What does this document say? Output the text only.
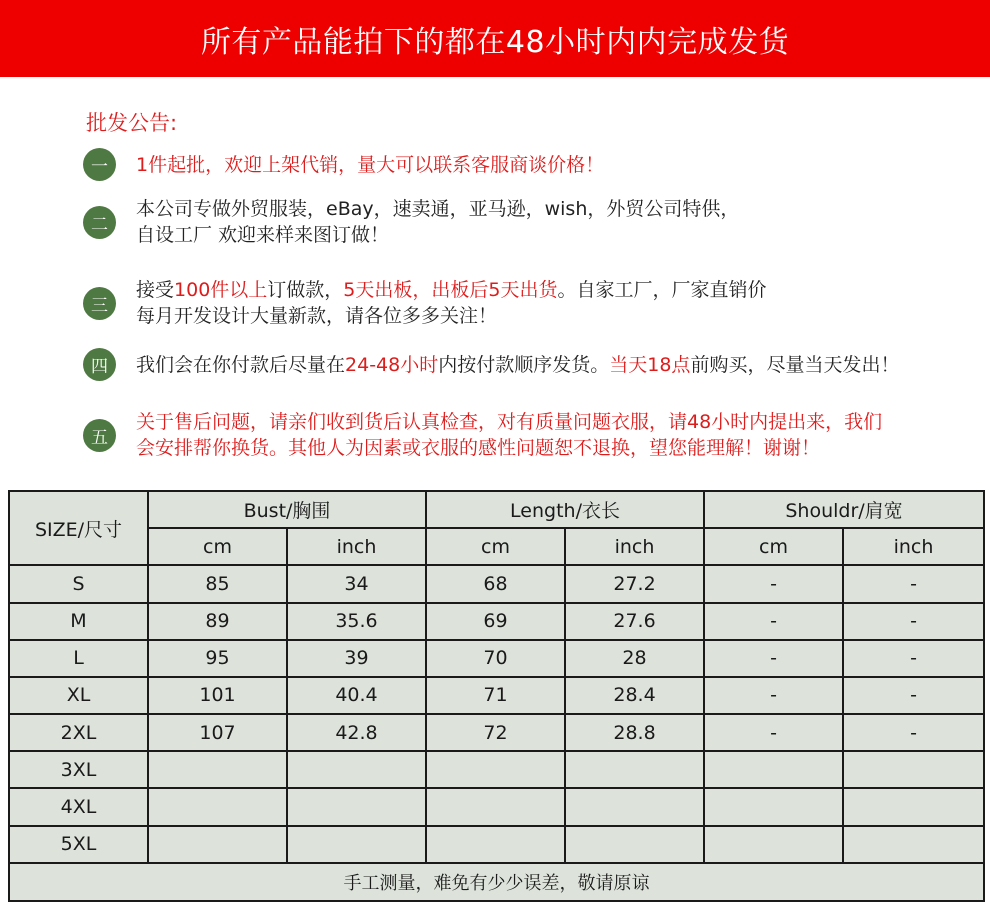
所有产品能拍下的都在48小时内内完成发货
批发公告:
一	1件起批，欢迎上架代销，量大可以联系客服商谈价格！
二
本公司专做外贸服装，eBay，速卖通，亚马逊，wish，外贸公司特供，
自设工厂 欢迎来样来图订做！
三
接受100件以上订做款，5天出板，出板后5天出货。自家工厂，厂家直销价
每月开发设计大量新款，请各位多多关注！
四	我们会在你付款后尽量在24-48小时内按付款顺序发货。当天18点前购买，尽量当天发出！
五
关于售后问题，请亲们收到货后认真检查，对有质量问题衣服，请48小时内提出来，我们
会安排帮你换货。其他人为因素或衣服的感性问题恕不退换，望您能理解！谢谢！
SIZE/尺寸	Bust/胸围		Length/衣长		Shouldr/肩宽	
	cm	inch	cm	inch	cm	inch
S	85	34	68	27.2	-	-
M	89	35.6	69	27.6	-	-
L	95	39	70	28	-	-
XL	101	40.4	71	28.4	-	-
2XL	107	42.8	72	28.8	-	-
3XL						
4XL						
5XL						
手工测量，难免有少少误差，敬请原谅						
